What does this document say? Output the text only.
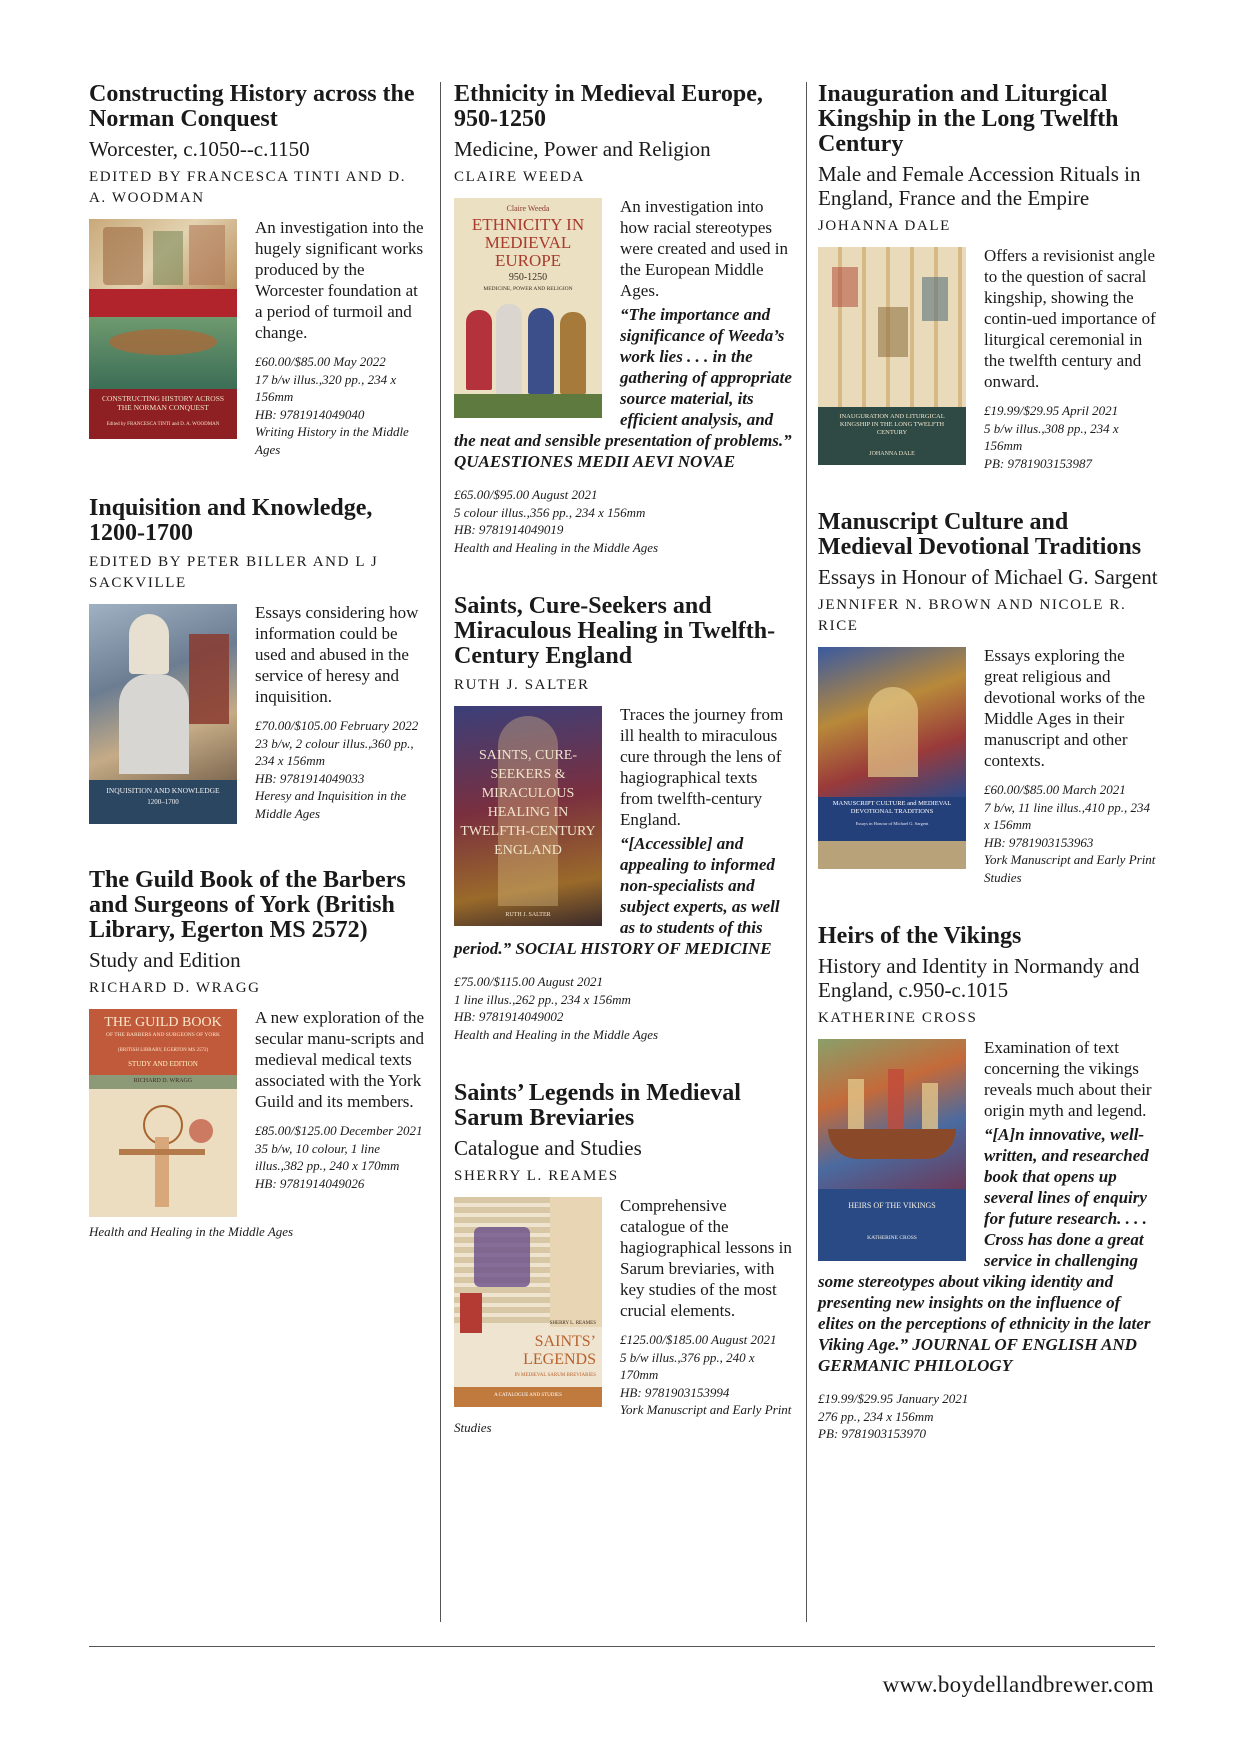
Constructing History across the Norman Conquest
Worcester, c.1050--c.1150
EDITED BY FRANCESCA TINTI AND D. A. WOODMAN
CONSTRUCTING HISTORY ACROSS THE NORMAN CONQUEST
Edited by FRANCESCA TINTI and D. A. WOODMAN
An investigation into the hugely significant works produced by the Worcester foundation at a period of turmoil and change.
£60.00/$85.00 May 2022
17 b/w illus.,320 pp., 234 x 156mm
HB: 9781914049040
Writing History in the Middle Ages
Inquisition and Knowledge, 1200-1700
EDITED BY PETER BILLER AND L J SACKVILLE
INQUISITION AND KNOWLEDGE
1200–1700
Essays considering how information could be used and abused in the service of heresy and inquisition.
£70.00/$105.00 February 2022
23 b/w, 2 colour illus.,360 pp., 234 x 156mm
HB: 9781914049033
Heresy and Inquisition in the Middle Ages
The Guild Book of the Barbers and Surgeons of York (British Library, Egerton MS 2572)
Study and Edition
RICHARD D. WRAGG
THE GUILD BOOK
OF THE BARBERS AND SURGEONS OF YORK
(BRITISH LIBRARY, EGERTON MS 2572)
STUDY AND EDITION
RICHARD D. WRAGG
A new exploration of the secular manu-scripts and medieval medical texts associated with the York Guild and its members.
£85.00/$125.00 December 2021
35 b/w, 10 colour, 1 line illus.,382 pp., 240 x 170mm
HB: 9781914049026
Health and Healing in the Middle Ages
Ethnicity in Medieval Europe, 950-1250
Medicine, Power and Religion
CLAIRE WEEDA
Claire Weeda
ETHNICITY IN MEDIEVAL EUROPE
950-1250
MEDICINE, POWER AND RELIGION
An investigation into how racial stereotypes were created and used in the European Middle Ages.
“The importance and significance of Weeda’s work lies . . . in the gathering of appropriate source material, its efficient analysis, and the neat and sensible presentation of problems.” QUAESTIONES MEDII AEVI NOVAE
£65.00/$95.00 August 2021
5 colour illus.,356 pp., 234 x 156mm
HB: 9781914049019
Health and Healing in the Middle Ages
Saints, Cure-Seekers and Miraculous Healing in Twelfth-Century England
RUTH J. SALTER
SAINTS, CURE-SEEKERS & MIRACULOUS HEALING IN TWELFTH-CENTURY ENGLAND
RUTH J. SALTER
Traces the journey from ill health to miraculous cure through the lens of hagiographical texts from twelfth-century England.
“[Accessible] and appealing to informed non-specialists and subject experts, as well as to students of this period.” SOCIAL HISTORY OF MEDICINE
£75.00/$115.00 August 2021
1 line illus.,262 pp., 234 x 156mm
HB: 9781914049002
Health and Healing in the Middle Ages
Saints’ Legends in Medieval Sarum Breviaries
Catalogue and Studies
SHERRY L. REAMES
SHERRY L. REAMES
SAINTS’ LEGENDS
IN MEDIEVAL SARUM BREVIARIES
A CATALOGUE AND STUDIES
Comprehensive catalogue of the hagiographical lessons in Sarum breviaries, with key studies of the most crucial elements.
£125.00/$185.00 August 2021
5 b/w illus.,376 pp., 240 x 170mm
HB: 9781903153994
York Manuscript and Early Print Studies
Inauguration and Liturgical Kingship in the Long Twelfth Century
Male and Female Accession Rituals in England, France and the Empire
JOHANNA DALE
INAUGURATION AND LITURGICAL KINGSHIP IN THE LONG TWELFTH CENTURY
JOHANNA DALE
Offers a revisionist angle to the question of sacral kingship, showing the contin-ued importance of liturgical ceremonial in the twelfth century and onward.
£19.99/$29.95 April 2021
5 b/w illus.,308 pp., 234 x 156mm
PB: 9781903153987
Manuscript Culture and Medieval Devotional Traditions
Essays in Honour of Michael G. Sargent
JENNIFER N. BROWN AND NICOLE R. RICE
MANUSCRIPT CULTURE and MEDIEVAL DEVOTIONAL TRADITIONS
Essays in Honour of Michael G. Sargent
Essays exploring the great religious and devotional works of the Middle Ages in their manuscript and other contexts.
£60.00/$85.00 March 2021
7 b/w, 11 line illus.,410 pp., 234 x 156mm
HB: 9781903153963
York Manuscript and Early Print Studies
Heirs of the Vikings
History and Identity in Normandy and England, c.950-c.1015
KATHERINE CROSS
HEIRS OF THE VIKINGS
KATHERINE CROSS
Examination of text concerning the vikings reveals much about their origin myth and legend.
“[A]n innovative, well-written, and researched book that opens up several lines of enquiry for future research. . . . Cross has done a great service in challenging some stereotypes about viking identity and presenting new insights on the influence of elites on the perceptions of ethnicity in the later Viking Age.” JOURNAL OF ENGLISH AND GERMANIC PHILOLOGY
£19.99/$29.95 January 2021
276 pp., 234 x 156mm
PB: 9781903153970
www.boydellandbrewer.com
